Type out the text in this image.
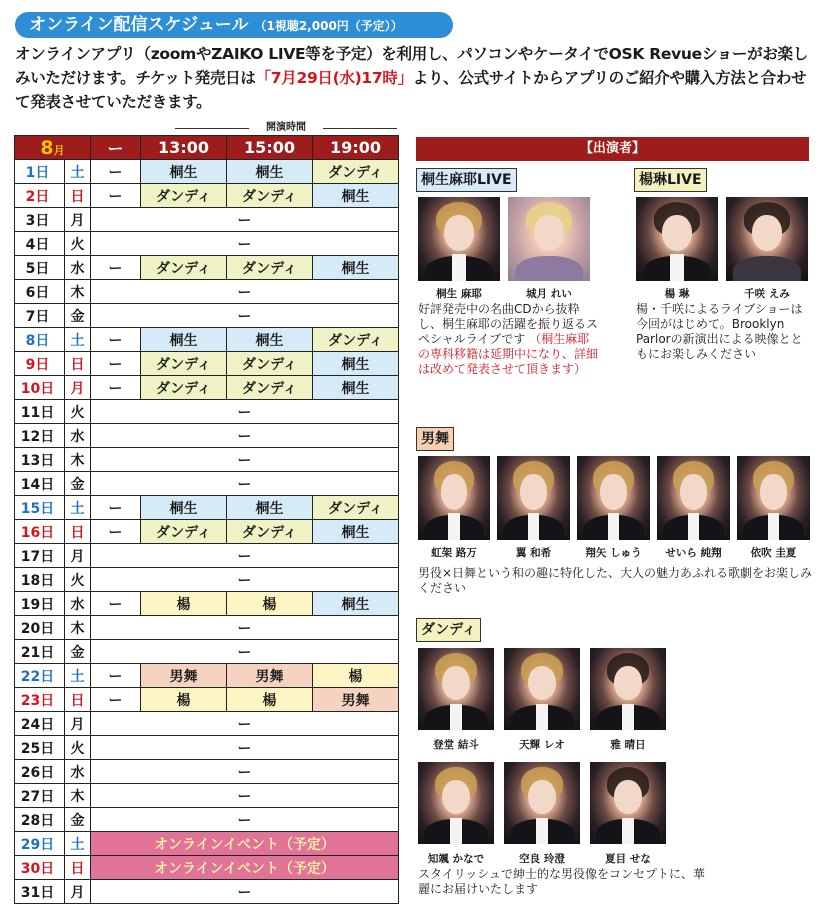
オンライン配信スケジュール （1視聴2,000円（予定））
オンラインアプリ（zoomやZAIKO LIVE等を予定）を利用し、パソコンやケータイでOSK Revueショーがお楽しみいただけます。チケット発売日は「7月29日(水)17時」より、公式サイトからアプリのご紹介や購入方法と合わせて発表させていただきます。
開演時間
8月		ー	13:00	15:00	19:00
1日	土	ー	桐生	桐生	ダンディ
2日	日	ー	ダンディ	ダンディ	桐生
3日	月	ー			
4日	火	ー			
5日	水	ー	ダンディ	ダンディ	桐生
6日	木	ー			
7日	金	ー			
8日	土	ー	桐生	桐生	ダンディ
9日	日	ー	ダンディ	ダンディ	桐生
10日	月	ー	ダンディ	ダンディ	桐生
11日	火	ー			
12日	水	ー			
13日	木	ー			
14日	金	ー			
15日	土	ー	桐生	桐生	ダンディ
16日	日	ー	ダンディ	ダンディ	桐生
17日	月	ー			
18日	火	ー			
19日	水	ー	楊	楊	桐生
20日	木	ー			
21日	金	ー			
22日	土	ー	男舞	男舞	楊
23日	日	ー	楊	楊	男舞
24日	月	ー			
25日	火	ー			
26日	水	ー			
27日	木	ー			
28日	金	ー			
29日	土	オンラインイベント（予定）			
30日	日	オンラインイベント（予定）			
31日	月	ー			
【出演者】
桐生麻耶LIVE
桐生 麻耶	城月 れい
好評発売中の名曲CDから抜粋し、桐生麻耶の活躍を振り返るスペシャルライブです （桐生麻耶の専科移籍は延期中になり、詳細は改めて発表させて頂きます）
楊琳LIVE
楊 琳	千咲 えみ
楊・千咲によるライブショーは今回がはじめて。Brooklyn Parlorの新演出による映像とともにお楽しみください
男舞
虹架 路万	翼 和希	翔矢 しゅう	せいら 純翔	依吹 圭夏
男役×日舞という和の趣に特化した、大人の魅力あふれる歌劇をお楽しみください
ダンディ
登堂 結斗	天輝 レオ	雅 晴日
知颯 かなで	空良 玲澄	夏目 せな
スタイリッシュで紳士的な男役像をコンセプトに、華麗にお届けいたします
